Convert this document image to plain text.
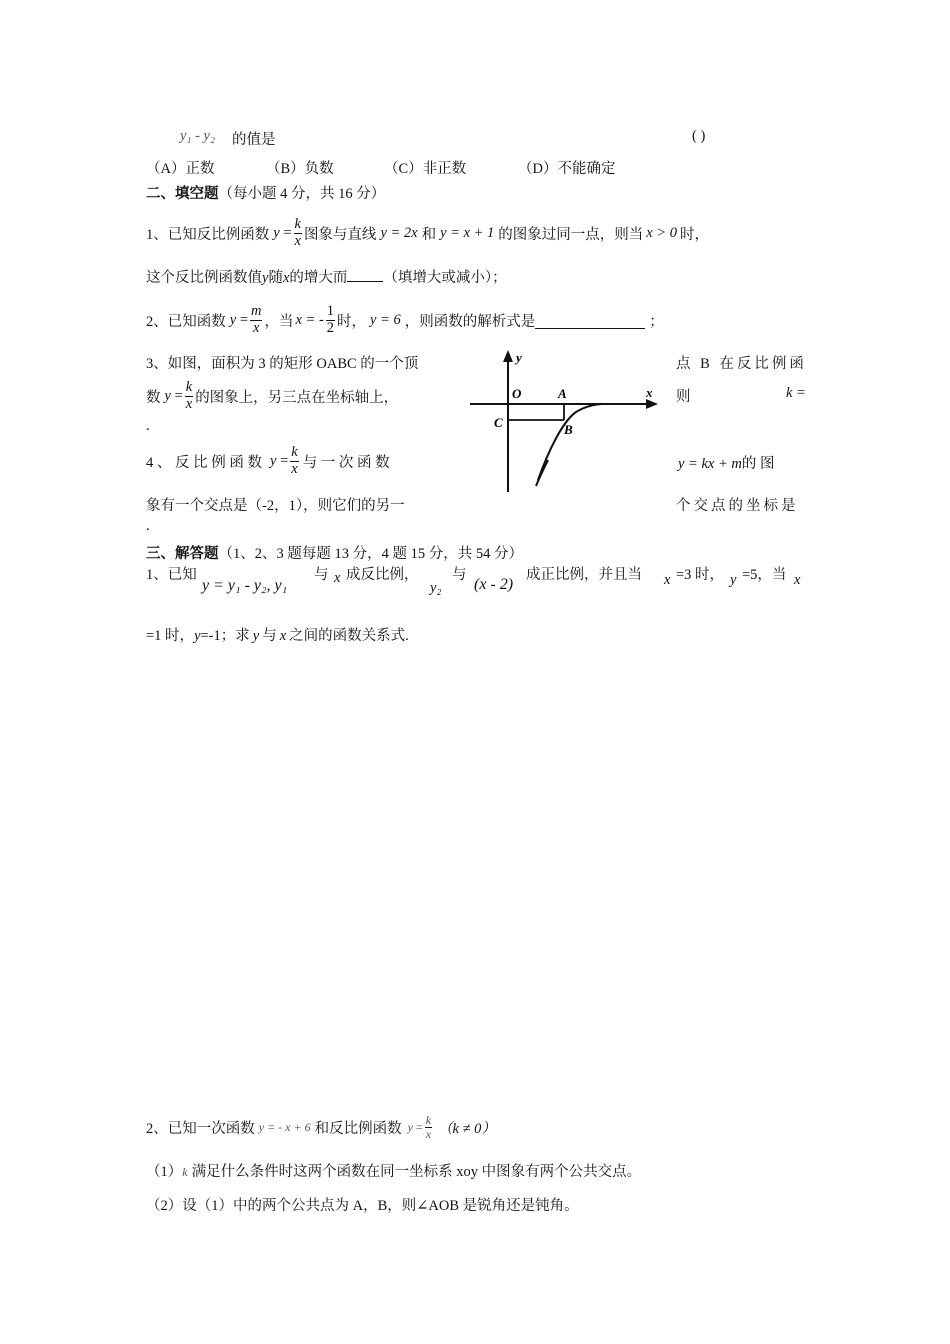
y₁ - y₂ 的值是	( )
（A）正数	（B）负数	（C）非正数	（D）不能确定
二、填空题（每小题 4 分，共 16 分）
1、已知反比例函数 $y = \frac{k}{x}$ 图象与直线 y = 2x 和 y = x + 1 的图象过同一点，则当 x > 0 时，
这个反比例函数值y随x的增大而 （填增大或减小）；
2、已知函数 $y = \frac{m}{x}$ ，当 x = - $\frac{1}{2}$ 时， y = 6 ，则函数的解析式是	；
3、如图，面积为 3 的矩形 OABC 的一个顶	点 B 在反比例函
数 $y = \frac{k}{x}$ 的图象上，另三点在坐标轴上，	则	k =
.
y
x
O	A
C	B
4 、 反 比 例 函 数 $y = \frac{k}{x}$ 与 一 次 函 数	y = kx + m的 图
象有一个交点是（-2，1），则它们的另一	个交点的坐标是
.
三、解答题（1、2、3 题每题 13 分，4 题 15 分，共 54 分）
1、已知
y = y₁ - y₂, y₁
与 x 成反比例，
y₂
与
(x - 2)
成正比例，并且当 x =3 时， y =5，当 x
=1 时，y=-1；求 y 与 x 之间的函数关系式.
2、已知一次函数 y = - x + 6 和反比例函数 $y = \frac{k}{x} (k \ne 0)$
（1）k 满足什么条件时这两个函数在同一坐标系 xoy 中图象有两个公共交点。
（2）设（1）中的两个公共点为 A，B，则∠AOB 是锐角还是钝角。
